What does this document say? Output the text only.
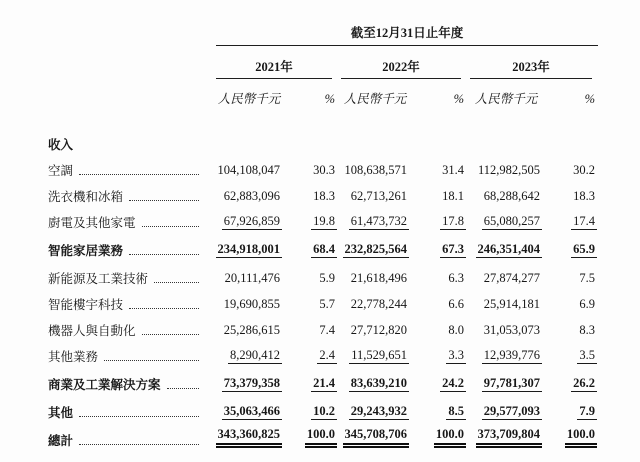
	截至12月31日止年度					

	2021年		2022年		2023年	

	人民幣千元	%	人民幣千元	%	人民幣千元	%
收入						

空調	104,108,047	30.3	108,638,571	31.4	112,982,505	30.2

洗衣機和冰箱	62,883,096	18.3	62,713,261	18.1	68,288,642	18.3

廚電及其他家電	67,926,859	19.8	61,473,732	17.8	65,080,257	17.4

智能家居業務	234,918,001	68.4	232,825,564	67.3	246,351,404	65.9

新能源及工業技術	20,111,476	5.9	21,618,496	6.3	27,874,277	7.5

智能樓宇科技	19,690,855	5.7	22,778,244	6.6	25,914,181	6.9

機器人與自動化	25,286,615	7.4	27,712,820	8.0	31,053,073	8.3

其他業務	8,290,412	2.4	11,529,651	3.3	12,939,776	3.5

商業及工業解決方案	73,379,358	21.4	83,639,210	24.2	97,781,307	26.2

其他	35,063,466	10.2	29,243,932	8.5	29,577,093	7.9

總計	343,360,825	100.0	345,708,706	100.0	373,709,804	100.0
